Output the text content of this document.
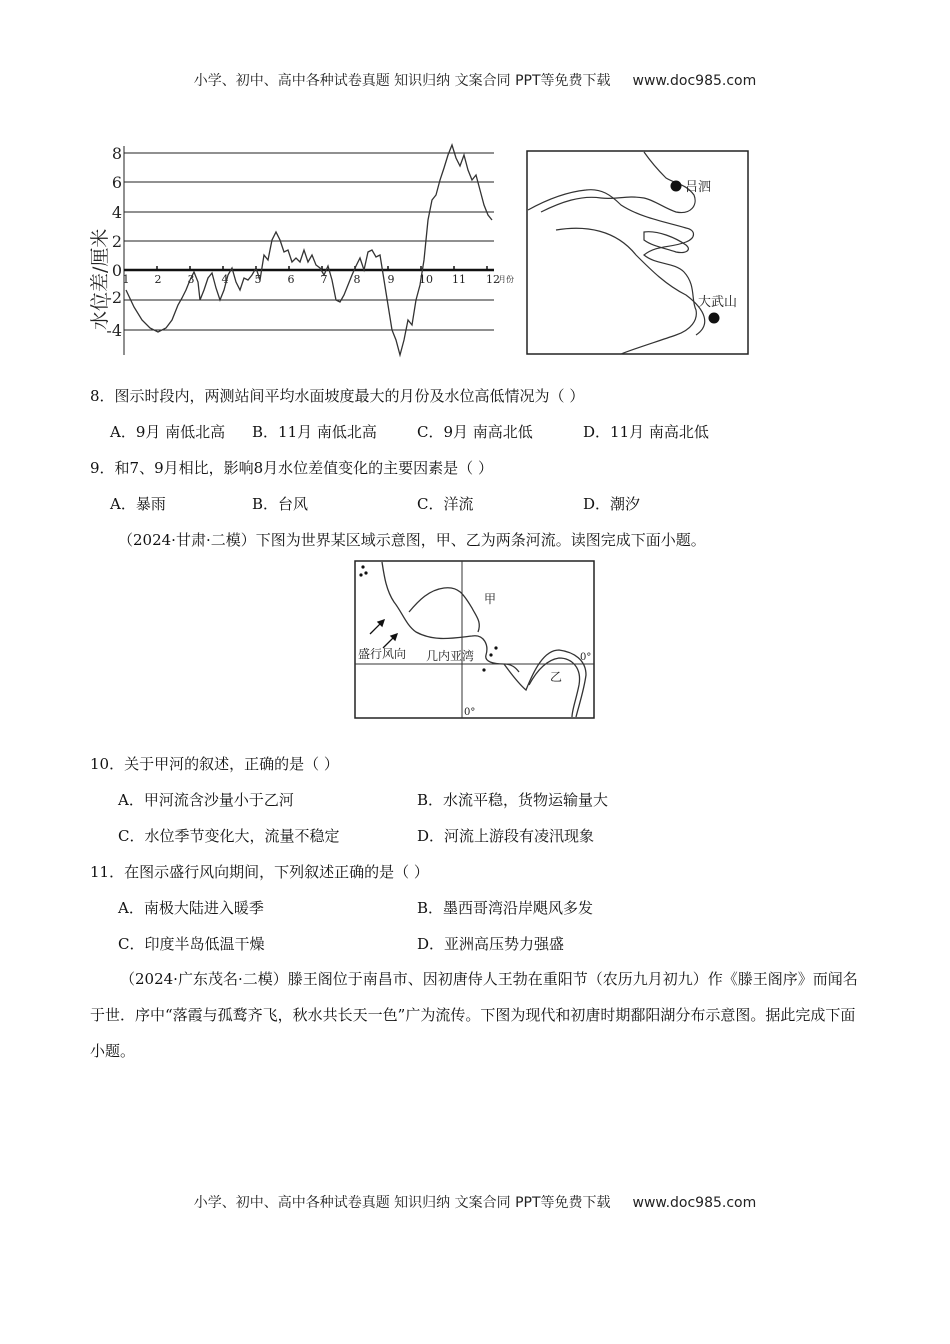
小学、初中、高中各种试卷真题 知识归纳 文案合同 PPT等免费下载 www.doc985.com
8
6
4
2
0
-2
-4
水位差/厘米 1 2 3 4 5 6 7 8 9 10 11 12
月份
吕泗
大武山
8．图示时段内，两测站间平均水面坡度最大的月份及水位高低情况为（ ）
A．9月 南低北高 B．11月 南低北高	C．9月 南高北低	D．11月 南高北低
9．和7、9月相比，影响8月水位差值变化的主要因素是（ ）
A．暴雨	B．台风	C．洋流	D．潮汐
（2024·甘肃·二模）下图为世界某区域示意图，甲、乙为两条河流。读图完成下面小题。
甲
盛行风向 几内亚湾	0°
乙
0°
10．关于甲河的叙述，正确的是（ ）
A．甲河流含沙量小于乙河	B．水流平稳，货物运输量大
C．水位季节变化大，流量不稳定	D．河流上游段有凌汛现象
11．在图示盛行风向期间，下列叙述正确的是（ ）
A．南极大陆进入暖季	B．墨西哥湾沿岸飓风多发
C．印度半岛低温干燥	D．亚洲高压势力强盛
（2024·广东茂名·二模）滕王阁位于南昌市、因初唐侍人王勃在重阳节（农历九月初九）作《滕王阁序》而闻名于世．序中“落霞与孤鹜齐飞，秋水共长天一色”广为流传。下图为现代和初唐时期鄱阳湖分布示意图。据此完成下面小题。
小学、初中、高中各种试卷真题 知识归纳 文案合同 PPT等免费下载 www.doc985.com
